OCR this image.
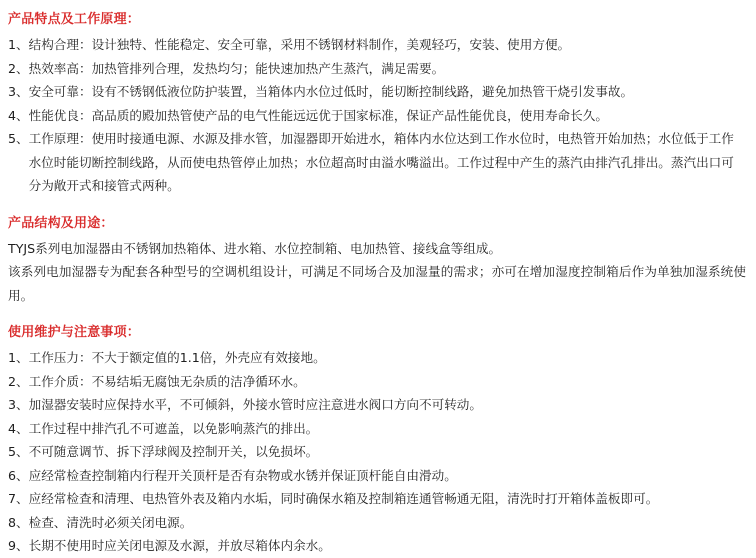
产品特点及工作原理：
1、 结构合理：设计独特、性能稳定、安全可靠，采用不锈钢材料制作，美观轻巧，安装、使用方便。
2、 热效率高：加热管排列合理，发热均匀；能快速加热产生蒸汽，满足需要。
3、 安全可靠：设有不锈钢低液位防护装置，当箱体内水位过低时，能切断控制线路，避免加热管干烧引发事故。
4、 性能优良：高品质的殿加热管使产品的电气性能远远优于国家标准，保证产品性能优良，使用寿命长久。
5、 工作原理：使用时接通电源、水源及排水管，加湿器即开始进水，箱体内水位达到工作水位时，电热管开始加热；水位低于工作水位时能切断控制线路，从而使电热管停止加热；水位超高时由溢水嘴溢出。工作过程中产生的蒸汽由排汽孔排出。蒸汽出口可分为敞开式和接管式两种。
产品结构及用途：

TYJS系列电加湿器由不锈钢加热箱体、进水箱、水位控制箱、电加热管、接线盒等组成。

该系列电加湿器专为配套各种型号的空调机组设计，可满足不同场合及加湿量的需求；亦可在增加湿度控制箱后作为单独加湿系统使用。

使用维护与注意事项：
1、 工作压力：不大于额定值的1.1倍，外壳应有效接地。
2、 工作介质：不易结垢无腐蚀无杂质的洁净循环水。
3、 加湿器安装时应保持水平，不可倾斜，外接水管时应注意进水阀口方向不可转动。
4、 工作过程中排汽孔不可遮盖，以免影响蒸汽的排出。
5、 不可随意调节、拆下浮球阀及控制开关，以免损坏。
6、 应经常检查控制箱内行程开关顶杆是否有杂物或水锈并保证顶杆能自由滑动。
7、 应经常检查和清理、电热管外表及箱内水垢，同时确保水箱及控制箱连通管畅通无阻，清洗时打开箱体盖板即可。
8、 检查、清洗时必须关闭电源。
9、 长期不使用时应关闭电源及水源，并放尽箱体内余水。
